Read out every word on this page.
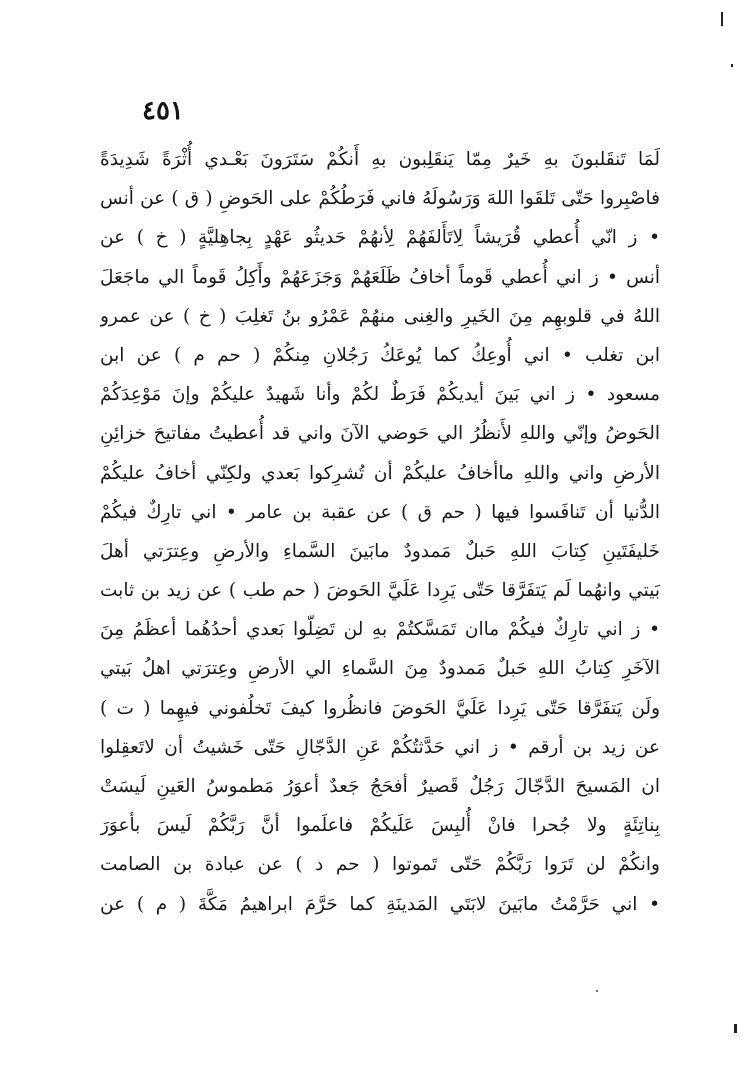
٤٥١
لَمَا تَنقَلبونَ بهِ خَيرٌ مِمّا يَنقَلِبون بهِ أَنكُمْ سَتَرَونَ بَعْـدي أُثْرَةً شَدِيدَةً
فاصْبِروا حَتّى تَلقَوا اللهَ وَرَسُولَهُ فاني فَرَطُكُمْ على الحَوضِ ( ق ) عن أنس
• ز انّي أُعطي قُرَيشاً لِاتَأَلفَهُمْ لِأنهُمْ حَديثُو عَهْدٍ بِجاهِليَّةٍ ( خ ) عن
أنس • ز اني أُعطي قَوماً أخافُ ظَلَعَهُمْ وَجَزَعَهُمْ وأَكِلُ قَوماً الي ماجَعَلَ
اللهُ في قلوبهِم مِنَ الخَيرِ والغِنى منهُمْ عَمْرُو بنُ تَغلِبَ ( خ ) عن عمرو
ابن تغلب • اني أُوعِكُ كما يُوعَكُ رَجُلانِ مِنكُمْ ( حم م ) عن ابن
مسعود • ز اني بَينَ أيديكُمْ فَرَطٌ لكُمْ وأنا شَهيدٌ عليكُمْ وإنَ مَوْعِدَكُمْ
الحَوضُ وإنّي واللهِ لأَنظُرُ الي حَوضي الآنَ واني قد أُعطيتُ مفاتيحَ خزائِنِ
الأرضِ واني واللهِ ماأخافُ عليكُمْ أن تُشرِكوا بَعدي ولكِنّي أخافُ عليكُمْ
الدُّنيا أن تَنافَسوا فيها ( حم ق ) عن عقبة بن عامر • اني تارِكٌ فيكُمْ
خَليفَتَينِ كِتابَ اللهِ حَبلٌ مَمدودٌ مابَينَ السَّماءِ والأرضِ وعِترَتي أهلَ
بَيتي وانهُما لَم يَتفَرَّقا حَتّى يَرِدا عَلَيَّ الحَوضَ ( حم طب ) عن زيد بن ثابت
• ز اني تارِكٌ فيكُمْ ماان تَمَسَّكتُمْ بهِ لن تَضِلّوا بَعدي أحدُهُما أعظَمُ مِنَ
الآخَرِ كِتابُ اللهِ حَبلٌ مَمدودٌ مِنَ السَّماءِ الي الأرضِ وعِترَتي اهلُ بَيتي
ولَن يَتفَرَّقا حَتّى يَرِدا عَلَيَّ الحَوضَ فانظُروا كيفَ تَخلُفوني فيهِما ( ت )
عن زيد بن أرقم • ز اني حَدَّثتُكُمْ عَنِ الدَّجّالِ حَتّى خَشيتُ أن لاتَعقِلوا
ان المَسيحَ الدَّجّالَ رَجُلٌ قَصيرٌ أفحَجُ جَعدٌ أعوَرُ مَطموسُ العَينِ لَيسَتْ
بِناتِئَةٍ ولا جُحرا فانْ أُلبِسَ عَلَيكُمْ فاعلَموا أنَّ رَبَّكُمْ لَيسَ بأعوَرَ
وانكُمْ لن تَرَوا رَبَّكُمْ حَتّى تَموتوا ( حم د ) عن عبادة بن الصامت
• اني حَرَّمْتُ مابَينَ لابَتَي المَدينَةِ كما حَرَّمَ ابراهيمُ مَكَّةَ ( م ) عن
